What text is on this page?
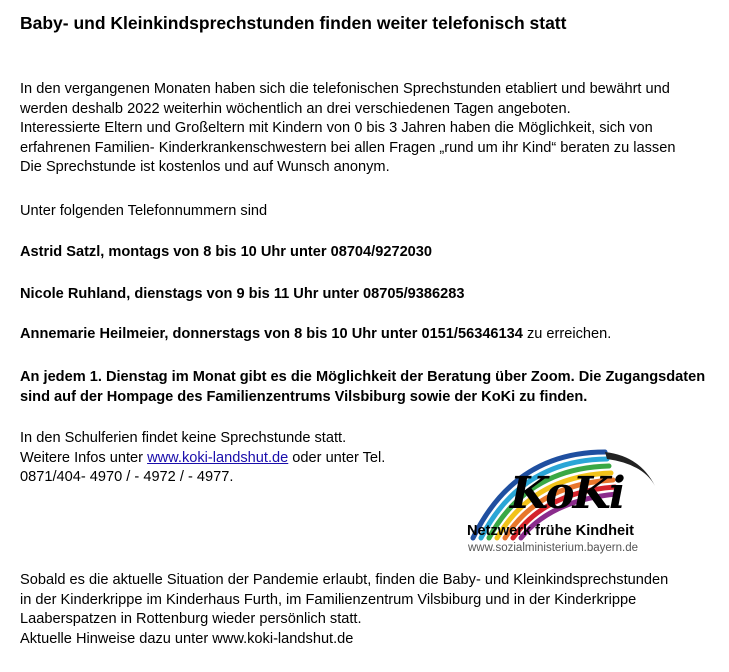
Baby- und Kleinkindsprechstunden finden weiter telefonisch statt
In den vergangenen Monaten haben sich die telefonischen Sprechstunden etabliert und bewährt und
werden deshalb 2022 weiterhin wöchentlich an drei verschiedenen Tagen angeboten.
Interessierte Eltern und Großeltern mit Kindern von 0 bis 3 Jahren haben die Möglichkeit, sich von
erfahrenen Familien- Kinderkrankenschwestern bei allen Fragen „rund um ihr Kind“ beraten zu lassen
Die Sprechstunde ist kostenlos und auf Wunsch anonym.
Unter folgenden Telefonnummern sind
Astrid Satzl, montags von 8 bis 10 Uhr unter 08704/9272030
Nicole Ruhland, dienstags von 9 bis 11 Uhr unter 08705/9386283
Annemarie Heilmeier, donnerstags von 8 bis 10 Uhr unter 0151/56346134 zu erreichen.
An jedem 1. Dienstag im Monat gibt es die Möglichkeit der Beratung über Zoom. Die Zugangsdaten
sind auf der Hompage des Familienzentrums Vilsbiburg sowie der KoKi zu finden.
In den Schulferien findet keine Sprechstunde statt.
Weitere Infos unter www.koki-landshut.de oder unter Tel.
0871/404- 4970 / - 4972 / - 4977.	KoKi
Netzwerk frühe Kindheit
www.sozialministerium.bayern.de
Sobald es die aktuelle Situation der Pandemie erlaubt, finden die Baby- und Kleinkindsprechstunden
in der Kinderkrippe im Kinderhaus Furth, im Familienzentrum Vilsbiburg und in der Kinderkrippe
Laaberspatzen in Rottenburg wieder persönlich statt.
Aktuelle Hinweise dazu unter www.koki-landshut.de
